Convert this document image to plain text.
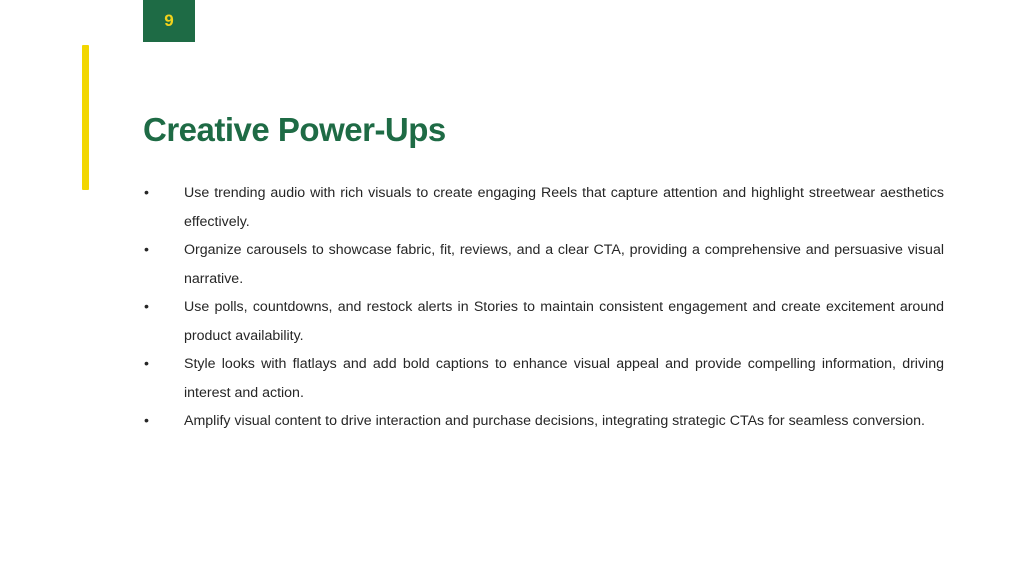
9
Creative Power-Ups
•	Use trending audio with rich visuals to create engaging Reels that capture attention and highlight streetwear aesthetics effectively.
•	Organize carousels to showcase fabric, fit, reviews, and a clear CTA, providing a comprehensive and persuasive visual narrative.
•	Use polls, countdowns, and restock alerts in Stories to maintain consistent engagement and create excitement around product availability.
•	Style looks with flatlays and add bold captions to enhance visual appeal and provide compelling information, driving interest and action.
•	Amplify visual content to drive interaction and purchase decisions, integrating strategic CTAs for seamless conversion.
